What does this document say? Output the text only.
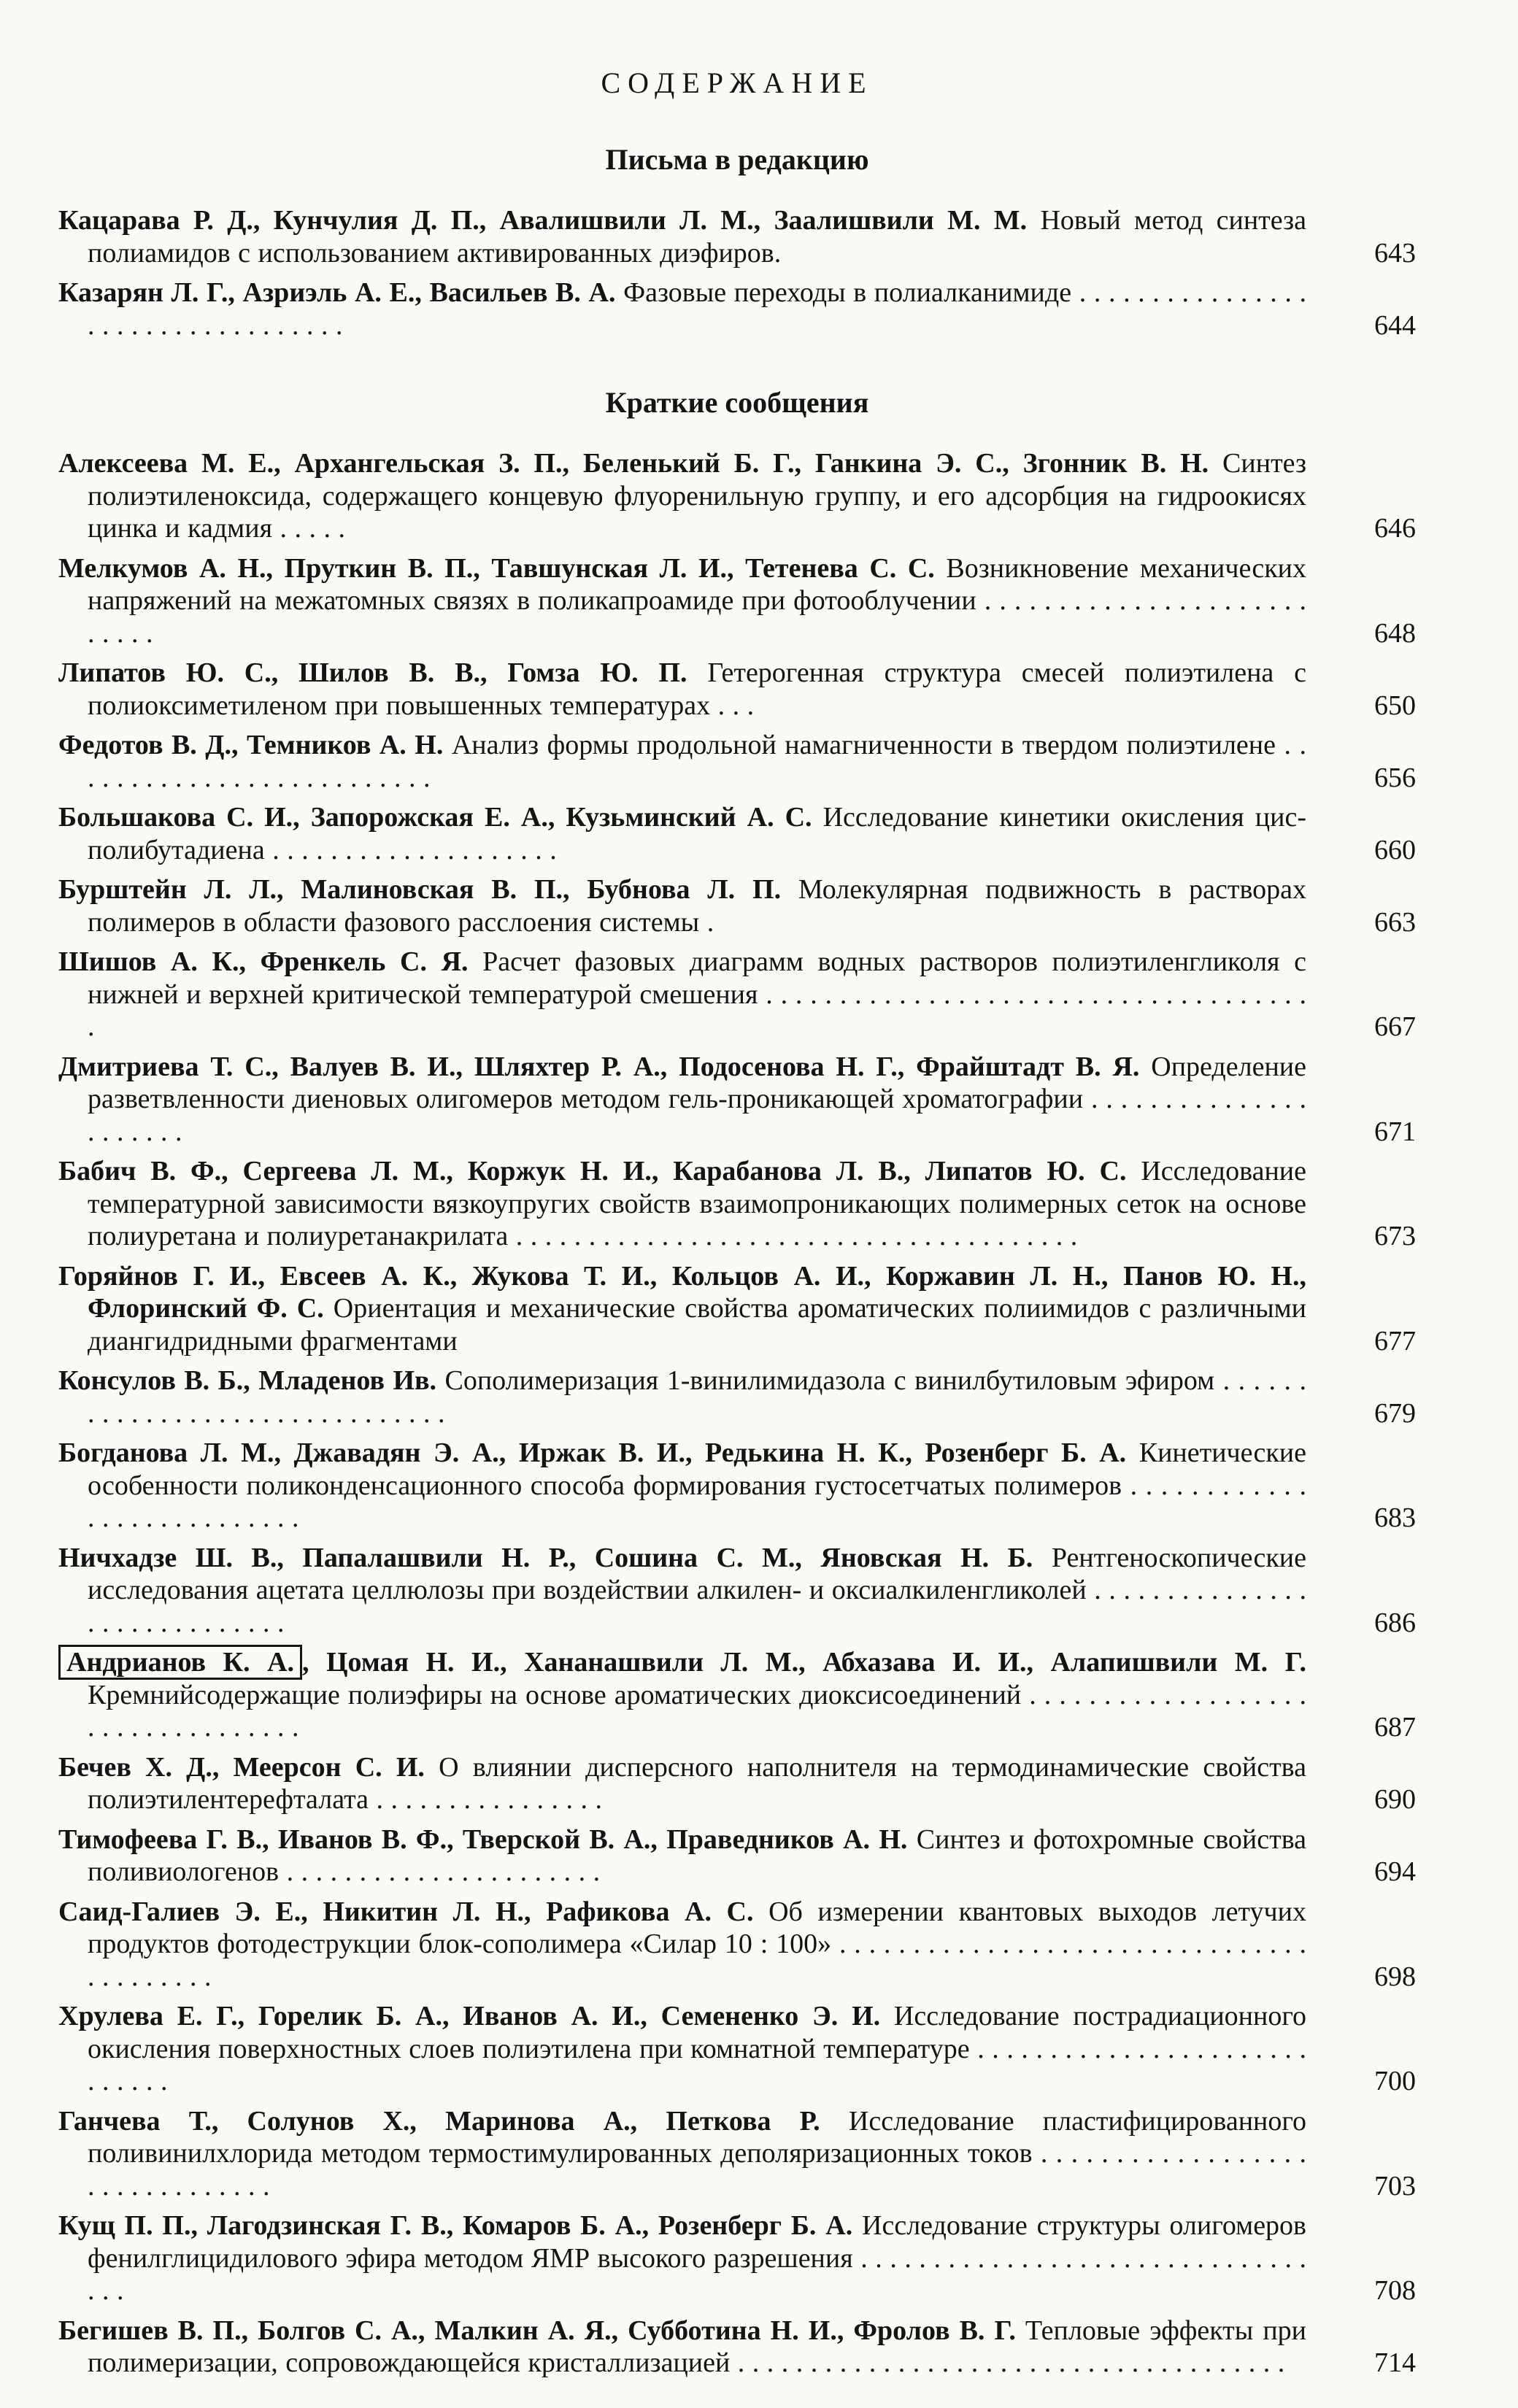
СОДЕРЖАНИЕ
Письма в редакцию
Кацарава Р. Д., Кунчулия Д. П., Авалишвили Л. М., Заалишвили М. М. Новый метод синтеза полиамидов с использованием активированных диэфиров.	643
Казарян Л. Г., Азриэль А. Е., Васильев В. А. Фазовые переходы в полиалканимиде . . . . . . . . . . . . . . . . . . . . . . . . . . . . . . . . . .	644
Краткие сообщения
Алексеева М. Е., Архангельская З. П., Беленький Б. Г., Ганкина Э. С., Згонник В. Н. Синтез полиэтиленоксида, содержащего концевую флуоренильную группу, и его адсорбция на гидроокисях цинка и кадмия . . . . .	646
Мелкумов А. Н., Пруткин В. П., Тавшунская Л. И., Тетенева С. С. Возникновение механических напряжений на межатомных связях в поликапроамиде при фотооблучении . . . . . . . . . . . . . . . . . . . . . . . . . . .	648
Липатов Ю. С., Шилов В. В., Гомза Ю. П. Гетерогенная структура смесей полиэтилена с полиоксиметиленом при повышенных температурах . . .	650
Федотов В. Д., Темников А. Н. Анализ формы продольной намагниченности в твердом полиэтилене . . . . . . . . . . . . . . . . . . . . . . . . . .	656
Большакова С. И., Запорожская Е. А., Кузьминский А. С. Исследование кинетики окисления цис-полибутадиена . . . . . . . . . . . . . . . . . . . .	660
Бурштейн Л. Л., Малиновская В. П., Бубнова Л. П. Молекулярная подвижность в растворах полимеров в области фазового расслоения системы .	663
Шишов А. К., Френкель С. Я. Расчет фазовых диаграмм водных растворов полиэтиленгликоля с нижней и верхней критической температурой смешения . . . . . . . . . . . . . . . . . . . . . . . . . . . . . . . . . . . . . .	667
Дмитриева Т. С., Валуев В. И., Шляхтер Р. А., Подосенова Н. Г., Фрайштадт В. Я. Определение разветвленности диеновых олигомеров методом гель-проникающей хроматографии . . . . . . . . . . . . . . . . . . . . . .	671
Бабич В. Ф., Сергеева Л. М., Коржук Н. И., Карабанова Л. В., Липатов Ю. С. Исследование температурной зависимости вязкоупругих свойств взаимопроникающих полимерных сеток на основе полиуретана и полиуретанакрилата . . . . . . . . . . . . . . . . . . . . . . . . . . . . . . . . . . . . . . .	673
Горяйнов Г. И., Евсеев А. К., Жукова Т. И., Кольцов А. И., Коржавин Л. Н., Панов Ю. Н., Флоринский Ф. С. Ориентация и механические свойства ароматических полиимидов с различными диангидридными фрагментами	677
Консулов В. Б., Младенов Ив. Сополимеризация 1-винилимидазола с винилбутиловым эфиром . . . . . . . . . . . . . . . . . . . . . . . . . . . . . . .	679
Богданова Л. М., Джавадян Э. А., Иржак В. И., Редькина Н. К., Розенберг Б. А. Кинетические особенности поликонденсационного способа формирования густосетчатых полимеров . . . . . . . . . . . . . . . . . . . . . . . . . . .	683
Ничхадзе Ш. В., Папалашвили Н. Р., Сошина С. М., Яновская Н. Б. Рентгеноскопические исследования ацетата целлюлозы при воздействии алкилен- и оксиалкиленгликолей . . . . . . . . . . . . . . . . . . . . . . . . . . . . .	686
Андрианов К. А. , Цомая Н. И., Хананашвили Л. М., Абхазава И. И., Алапишвили М. Г. Кремнийсодержащие полиэфиры на основе ароматических диоксисоединений . . . . . . . . . . . . . . . . . . . . . . . . . . . . . . . . . .	687
Бечев Х. Д., Меерсон С. И. О влиянии дисперсного наполнителя на термодинамические свойства полиэтилентерефталата . . . . . . . . . . . . . . . .	690
Тимофеева Г. В., Иванов В. Ф., Тверской В. А., Праведников А. Н. Синтез и фотохромные свойства поливиологенов . . . . . . . . . . . . . . . . . . . . . .	694
Саид-Галиев Э. Е., Никитин Л. Н., Рафикова А. С. Об измерении квантовых выходов летучих продуктов фотодеструкции блок-сополимера «Силар 10 : 100» . . . . . . . . . . . . . . . . . . . . . . . . . . . . . . . . . . . . . . . . .	698
Хрулева Е. Г., Горелик Б. А., Иванов А. И., Семененко Э. И. Исследование пострадиационного окисления поверхностных слоев полиэтилена при комнатной температуре . . . . . . . . . . . . . . . . . . . . . . . . . . . . .	700
Ганчева Т., Солунов Х., Маринова А., Петкова Р. Исследование пластифицированного поливинилхлорида методом термостимулированных деполяризационных токов . . . . . . . . . . . . . . . . . . . . . . . . . . . . . . .	703
Кущ П. П., Лагодзинская Г. В., Комаров Б. А., Розенберг Б. А. Исследование структуры олигомеров фенилглицидилового эфира методом ЯМР высокого разрешения . . . . . . . . . . . . . . . . . . . . . . . . . . . . . . . . . .	708
Бегишев В. П., Болгов С. А., Малкин А. Я., Субботина Н. И., Фролов В. Г. Тепловые эффекты при полимеризации, сопровождающейся кристаллизацией . . . . . . . . . . . . . . . . . . . . . . . . . . . . . . . . . . . . . .	714
